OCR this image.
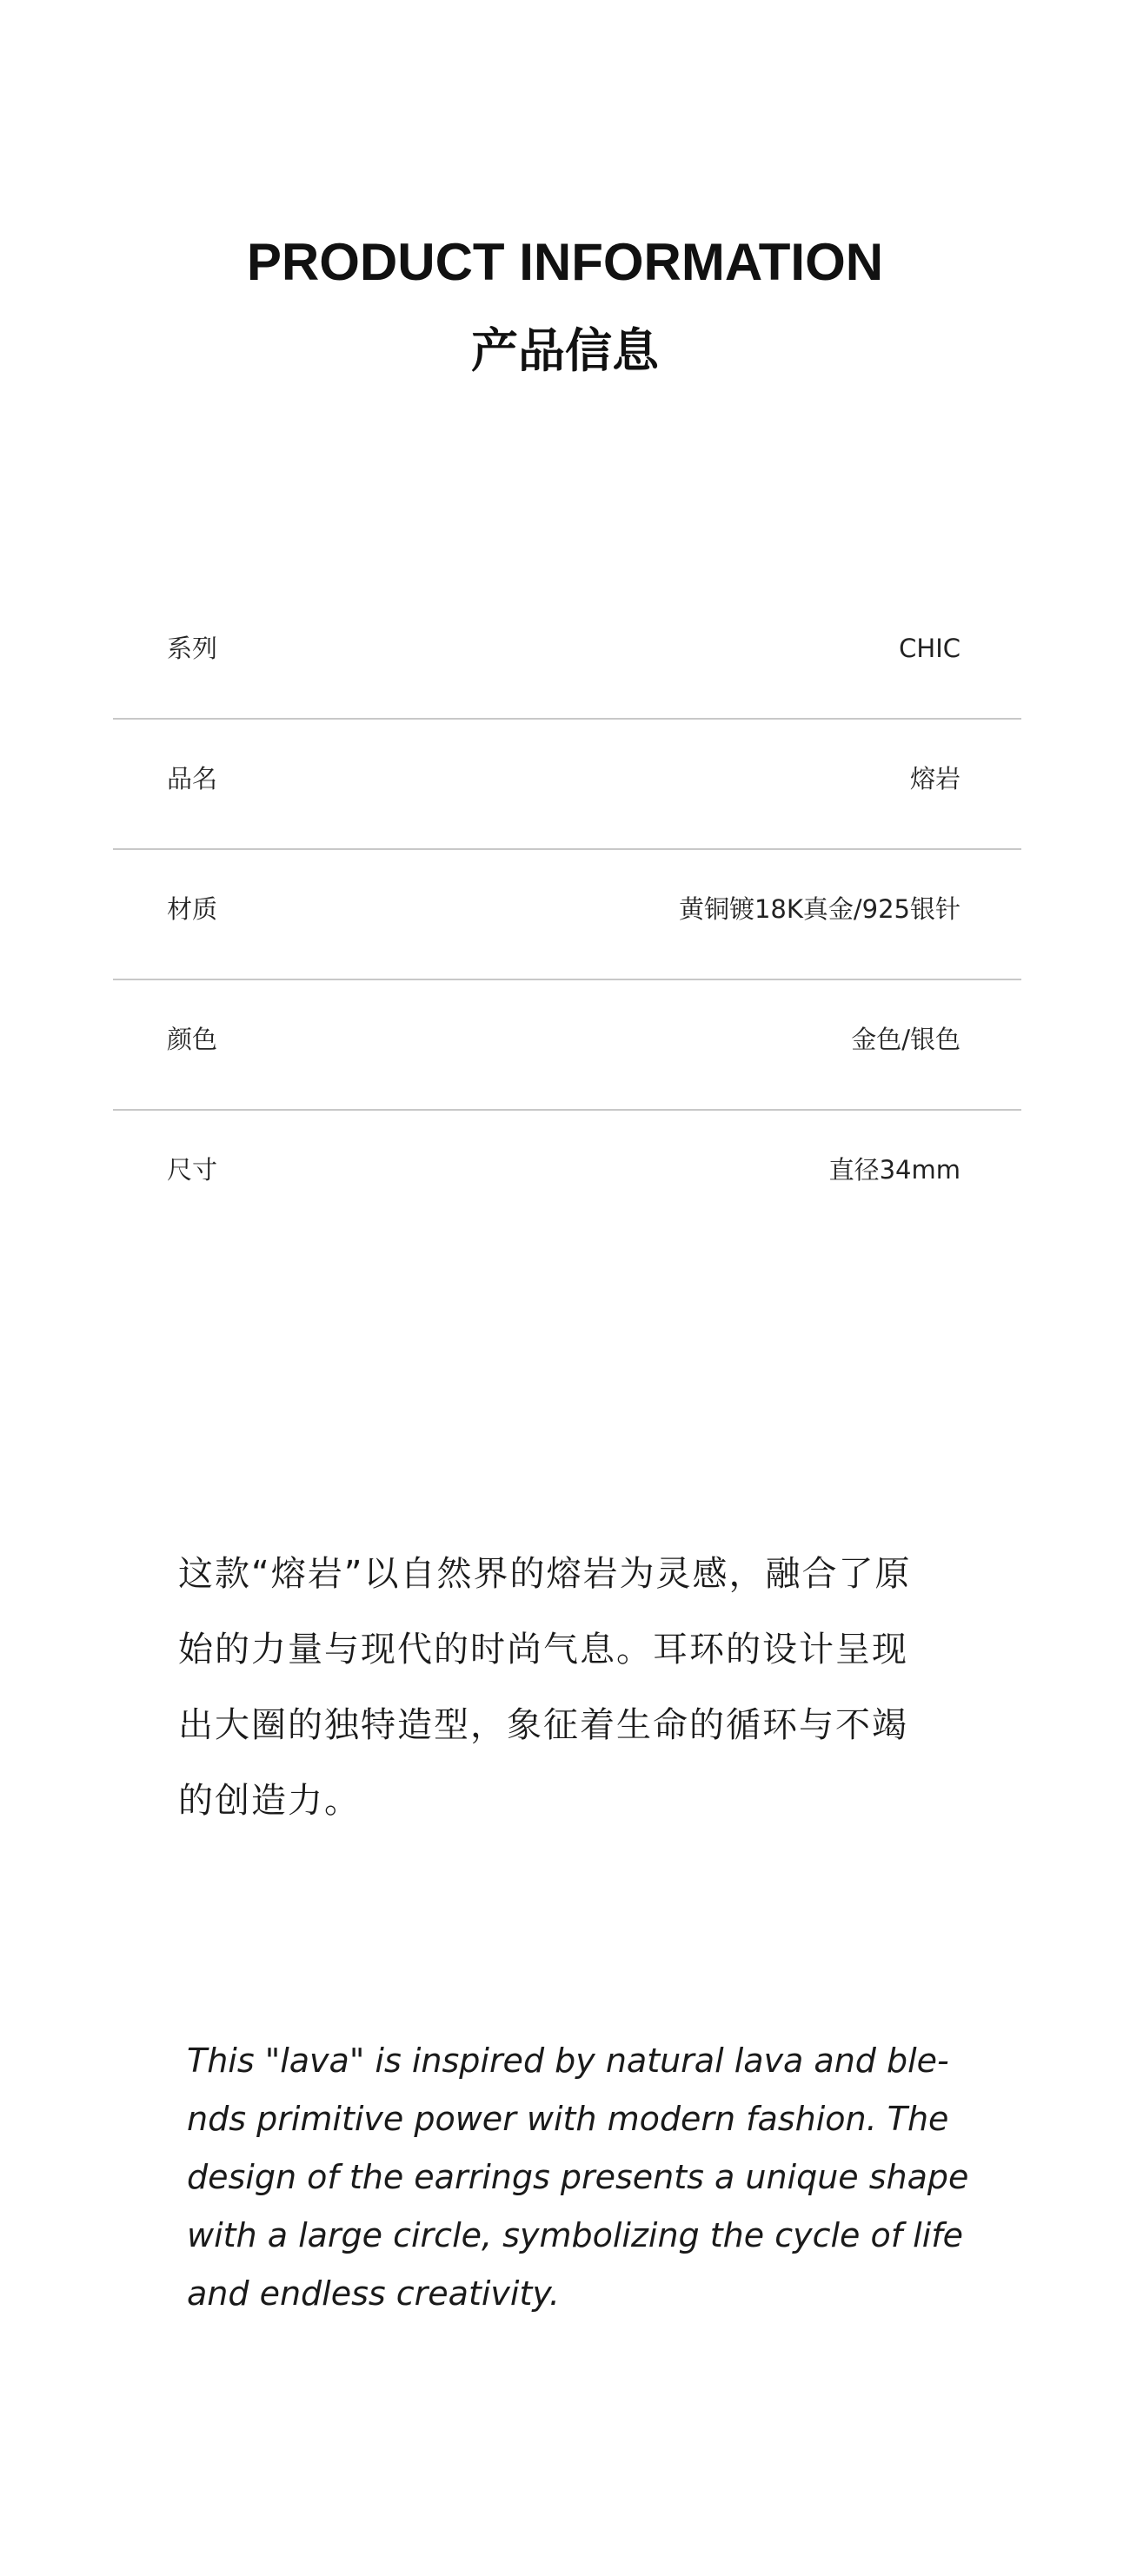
PRODUCT INFORMATION
产品信息
系列	CHIC
品名	熔岩
材质	黄铜镀18K真金/925银针
颜色	金色/银色
尺寸	直径34mm
这款“熔岩”以自然界的熔岩为灵感，融合了原
始的力量与现代的时尚气息。耳环的设计呈现
出大圈的独特造型，象征着生命的循环与不竭
的创造力。
This "lava" is inspired by natural lava and ble-
nds primitive power with modern fashion. The
design of the earrings presents a unique shape
with a large circle, symbolizing the cycle of life
and endless creativity.
